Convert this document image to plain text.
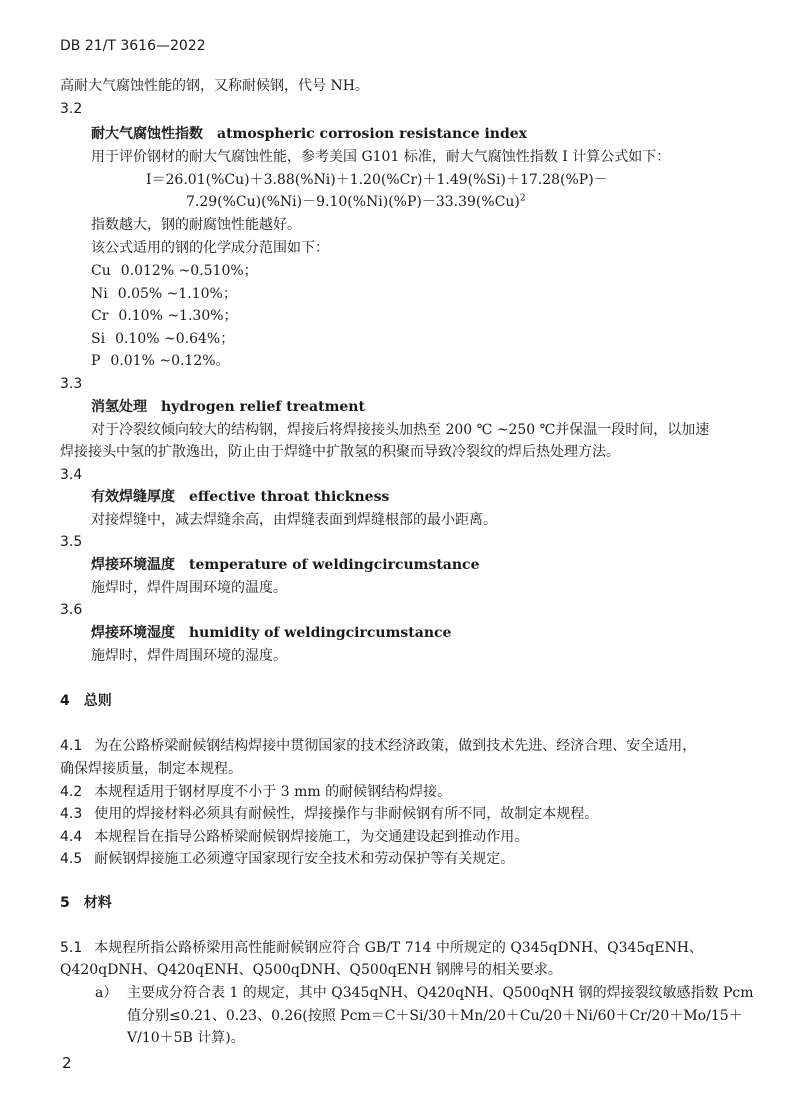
DB 21/T 3616—2022
高耐大气腐蚀性能的钢，又称耐候钢，代号 NH。
3.2
耐大气腐蚀性指数 atmospheric corrosion resistance index
用于评价钢材的耐大气腐蚀性能，参考美国 G101 标准，耐大气腐蚀性指数 I 计算公式如下：
I＝26.01(%Cu)＋3.88(%Ni)＋1.20(%Cr)＋1.49(%Si)＋17.28(%P)－
$7.29(\%Cu)(\%Ni)-9.10(\%Ni)(\%P)-33.39(\%Cu)^2$
指数越大，钢的耐腐蚀性能越好。
该公式适用的钢的化学成分范围如下：
Cu 0.012% ~0.510%；
Ni 0.05% ~1.10%；
Cr 0.10% ~1.30%；
Si 0.10% ~0.64%；
P 0.01% ~0.12%。
3.3
消氢处理 hydrogen relief treatment
对于冷裂纹倾向较大的结构钢，焊接后将焊接接头加热至 200 ℃ ~250 ℃并保温一段时间，以加速
焊接接头中氢的扩散逸出，防止由于焊缝中扩散氢的积聚而导致冷裂纹的焊后热处理方法。
3.4
有效焊缝厚度 effective throat thickness
对接焊缝中，减去焊缝余高，由焊缝表面到焊缝根部的最小距离。
3.5
焊接环境温度 temperature of weldingcircumstance
施焊时，焊件周围环境的温度。
3.6
焊接环境湿度 humidity of weldingcircumstance
施焊时，焊件周围环境的湿度。
4 总则
4.1 为在公路桥梁耐候钢结构焊接中贯彻国家的技术经济政策，做到技术先进、经济合理、安全适用，
确保焊接质量，制定本规程。
4.2 本规程适用于钢材厚度不小于 3 mm 的耐候钢结构焊接。
4.3 使用的焊接材料必须具有耐候性，焊接操作与非耐候钢有所不同，故制定本规程。
4.4 本规程旨在指导公路桥梁耐候钢焊接施工，为交通建设起到推动作用。
4.5 耐候钢焊接施工必须遵守国家现行安全技术和劳动保护等有关规定。
5 材料
5.1 本规程所指公路桥梁用高性能耐候钢应符合 GB/T 714 中所规定的 Q345qDNH、Q345qENH、
Q420qDNH、Q420qENH、Q500qDNH、Q500qENH 钢牌号的相关要求。
a） 主要成分符合表 1 的规定，其中 Q345qNH、Q420qNH、Q500qNH 钢的焊接裂纹敏感指数 Pcm
值分别≤0.21、0.23、0.26(按照 Pcm＝C＋Si/30＋Mn/20＋Cu/20＋Ni/60＋Cr/20＋Mo/15＋
V/10＋5B 计算)。
2
